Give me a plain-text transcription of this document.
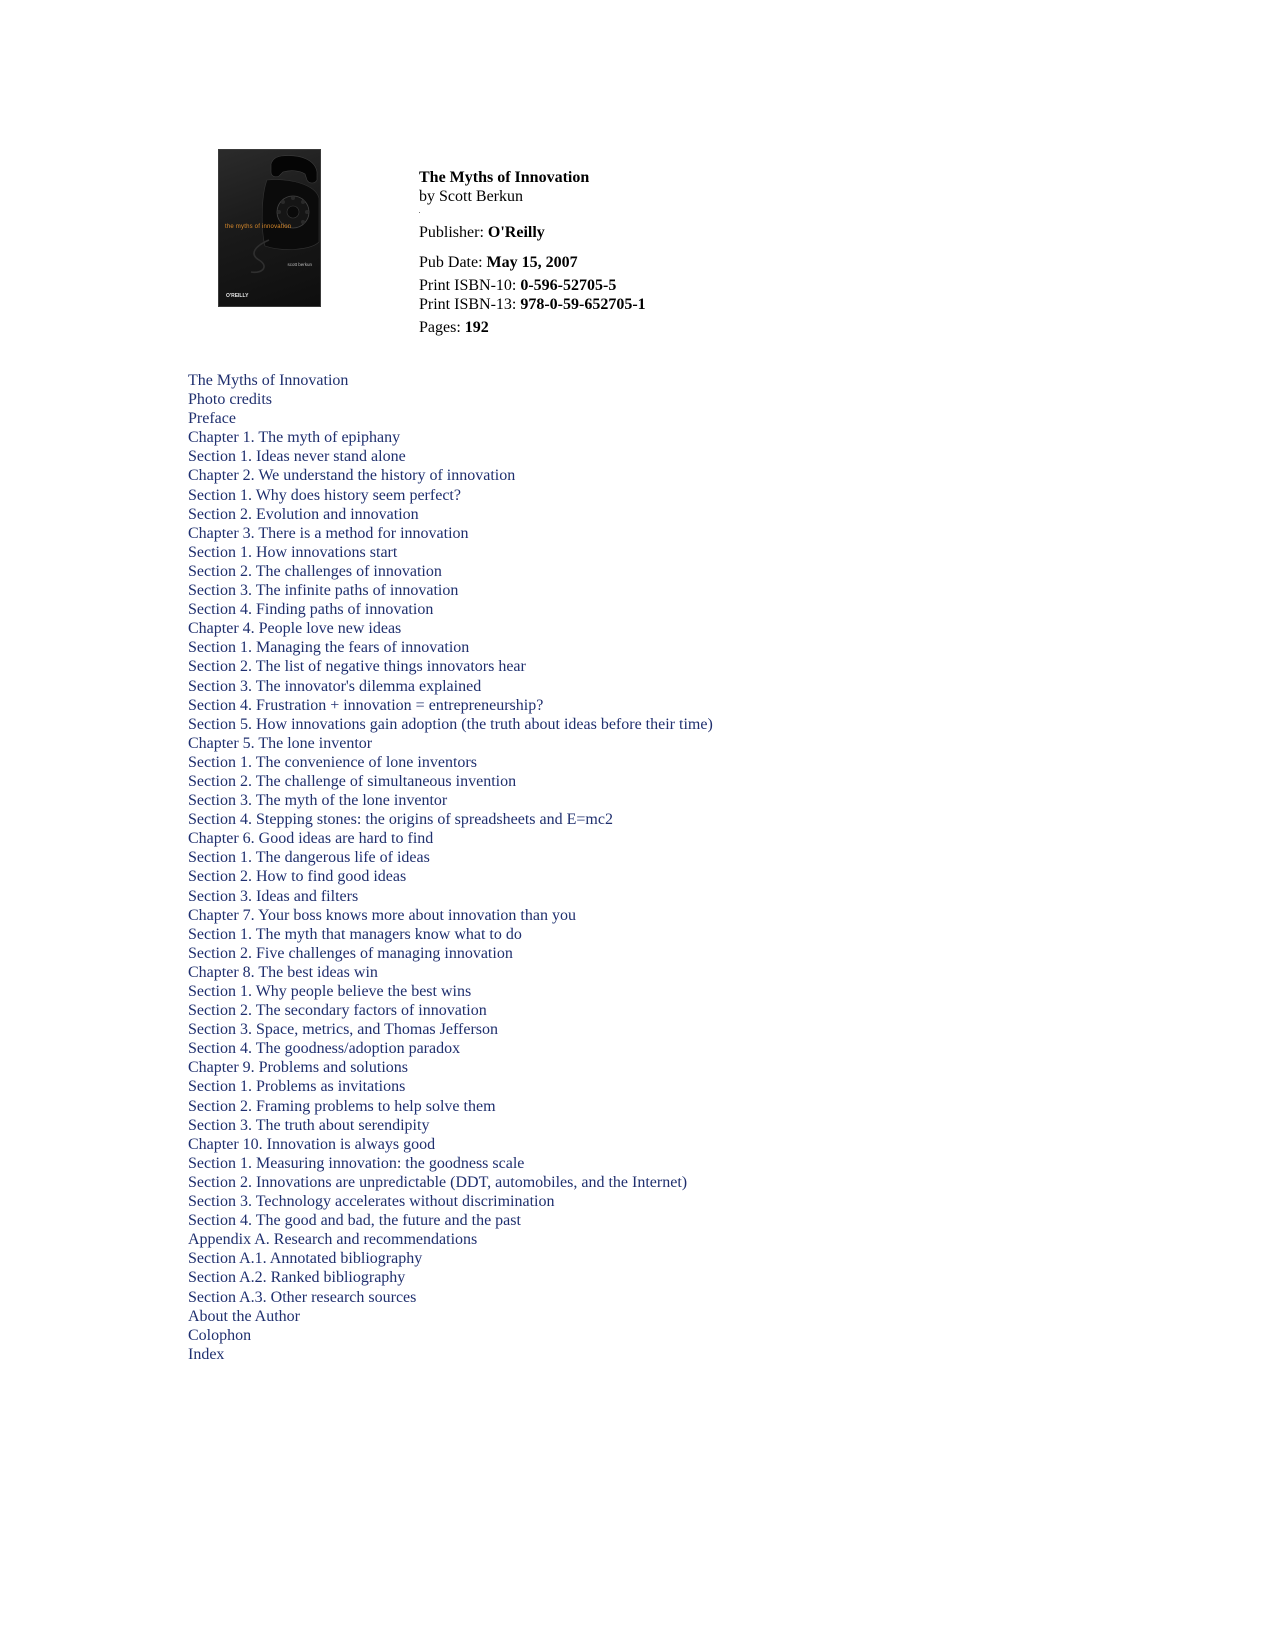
the myths of innovation
scott berkun
O'REILLY
The Myths of Innovation
by Scott Berkun
Publisher: O'Reilly
Pub Date: May 15, 2007
Print ISBN-10: 0-596-52705-5
Print ISBN-13: 978-0-59-652705-1
Pages: 192
The Myths of Innovation
Photo credits
Preface
Chapter 1. The myth of epiphany
Section 1. Ideas never stand alone
Chapter 2. We understand the history of innovation
Section 1. Why does history seem perfect?
Section 2. Evolution and innovation
Chapter 3. There is a method for innovation
Section 1. How innovations start
Section 2. The challenges of innovation
Section 3. The infinite paths of innovation
Section 4. Finding paths of innovation
Chapter 4. People love new ideas
Section 1. Managing the fears of innovation
Section 2. The list of negative things innovators hear
Section 3. The innovator's dilemma explained
Section 4. Frustration + innovation = entrepreneurship?
Section 5. How innovations gain adoption (the truth about ideas before their time)
Chapter 5. The lone inventor
Section 1. The convenience of lone inventors
Section 2. The challenge of simultaneous invention
Section 3. The myth of the lone inventor
Section 4. Stepping stones: the origins of spreadsheets and E=mc2
Chapter 6. Good ideas are hard to find
Section 1. The dangerous life of ideas
Section 2. How to find good ideas
Section 3. Ideas and filters
Chapter 7. Your boss knows more about innovation than you
Section 1. The myth that managers know what to do
Section 2. Five challenges of managing innovation
Chapter 8. The best ideas win
Section 1. Why people believe the best wins
Section 2. The secondary factors of innovation
Section 3. Space, metrics, and Thomas Jefferson
Section 4. The goodness/adoption paradox
Chapter 9. Problems and solutions
Section 1. Problems as invitations
Section 2. Framing problems to help solve them
Section 3. The truth about serendipity
Chapter 10. Innovation is always good
Section 1. Measuring innovation: the goodness scale
Section 2. Innovations are unpredictable (DDT, automobiles, and the Internet)
Section 3. Technology accelerates without discrimination
Section 4. The good and bad, the future and the past
Appendix A. Research and recommendations
Section A.1. Annotated bibliography
Section A.2. Ranked bibliography
Section A.3. Other research sources
About the Author
Colophon
Index
